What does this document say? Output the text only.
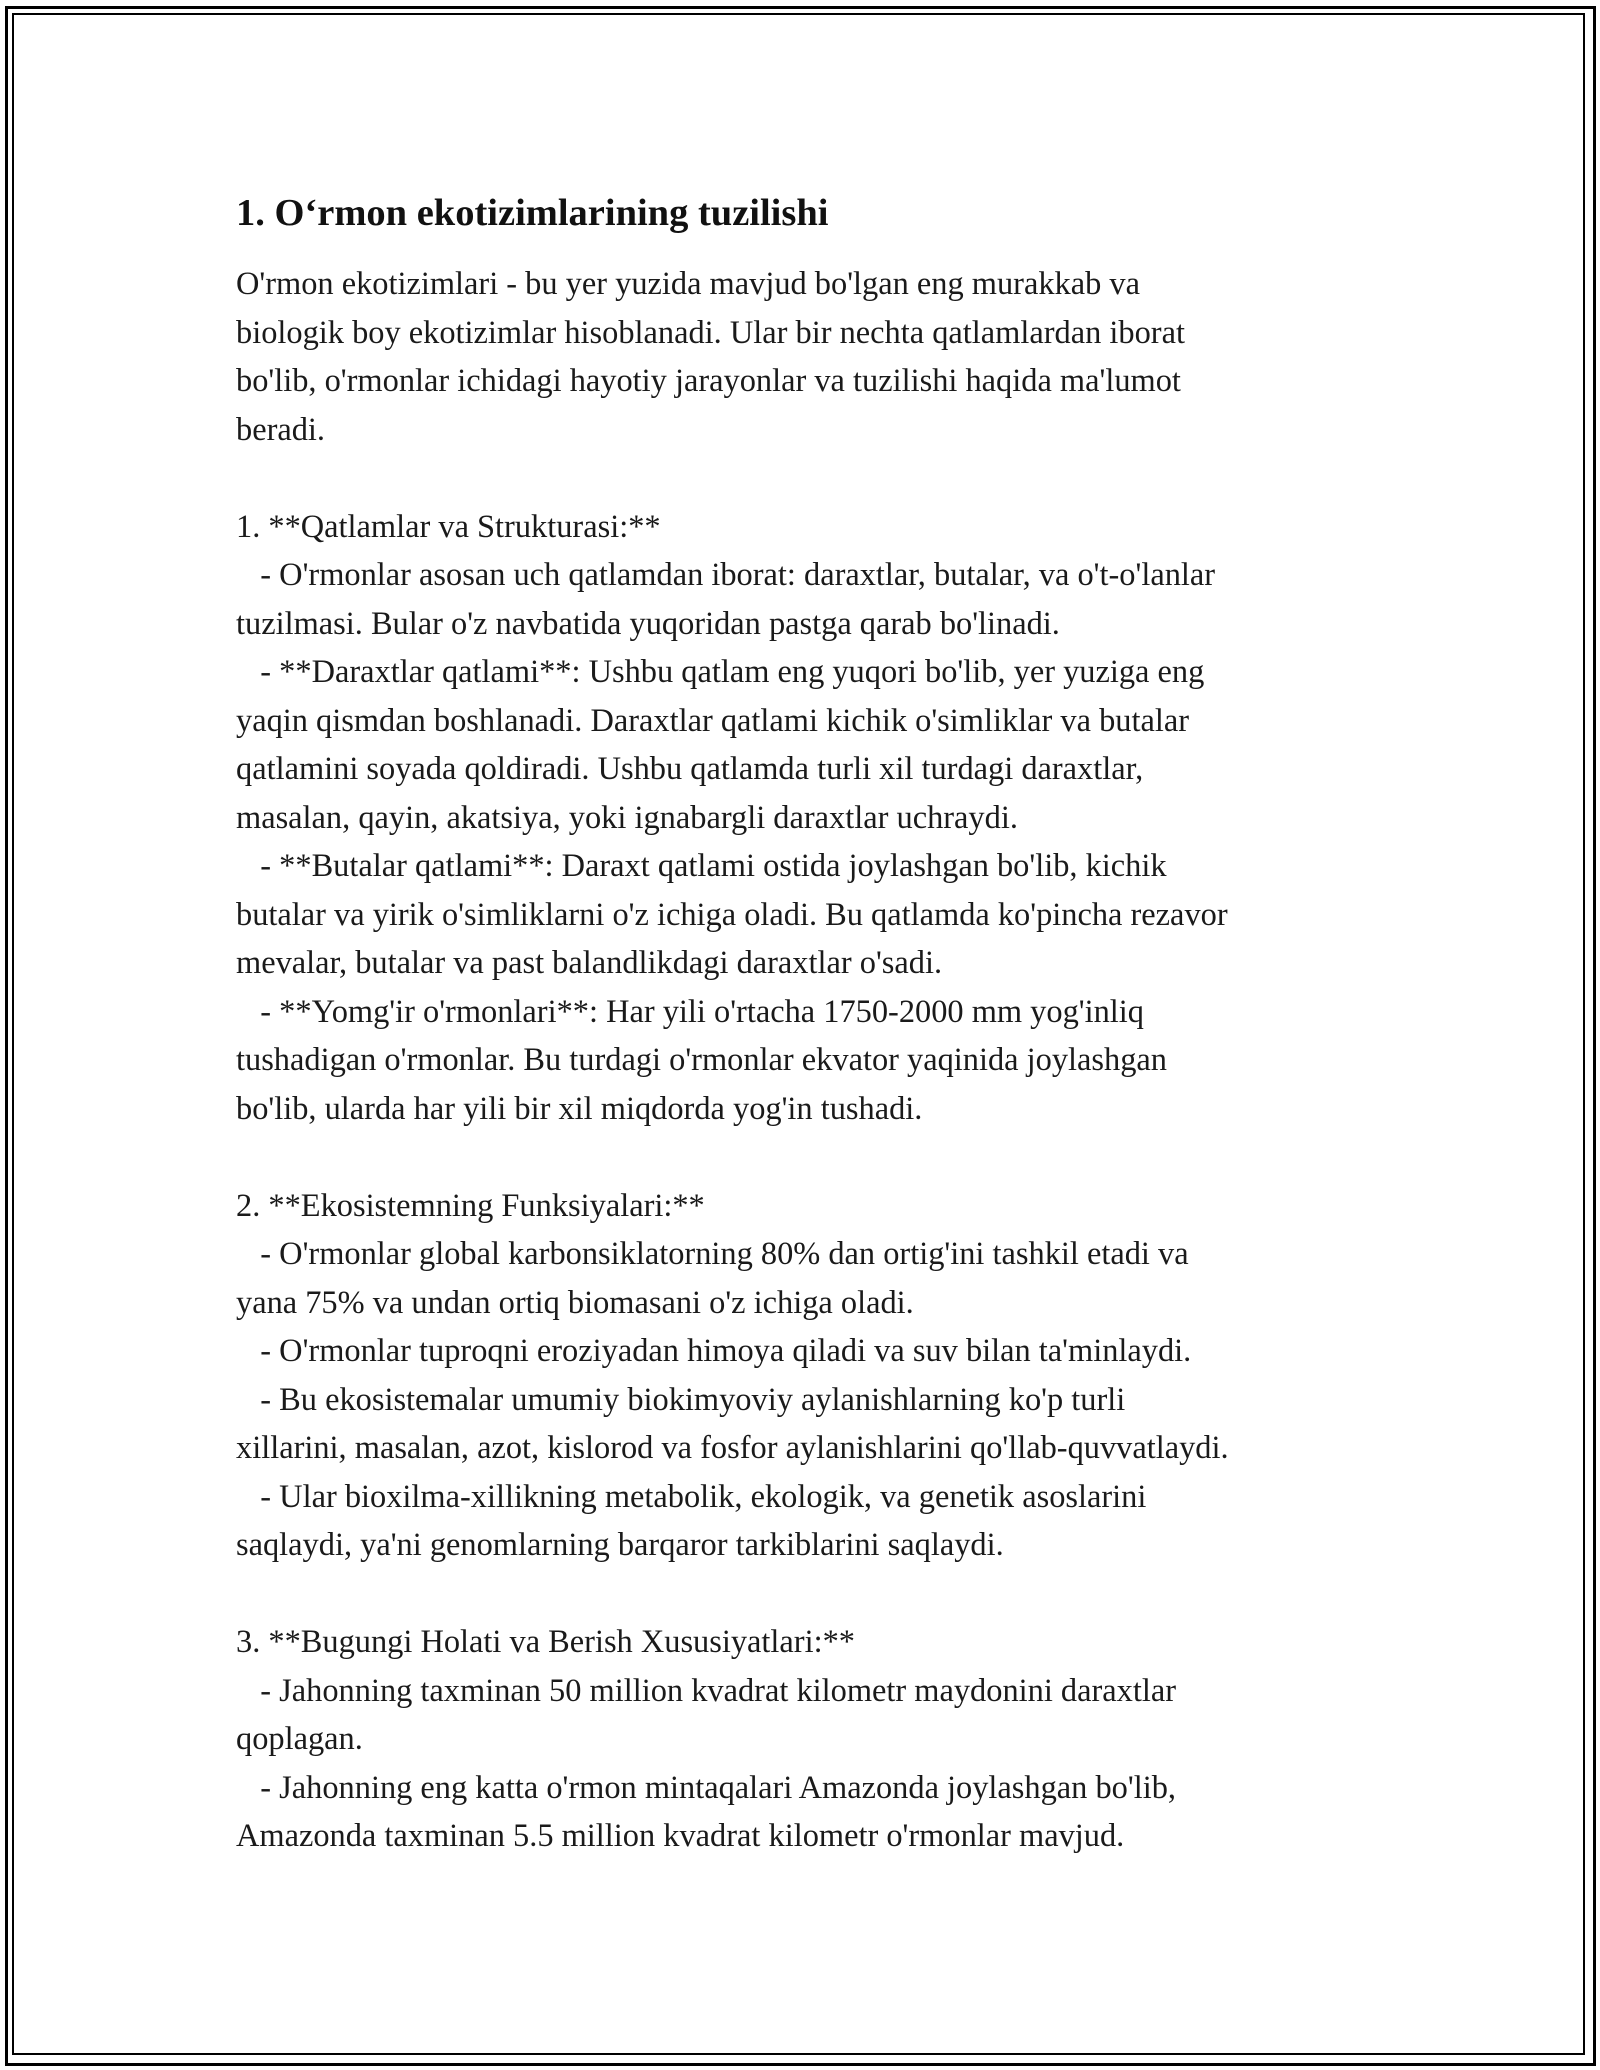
1. O‘rmon ekotizimlarining tuzilishi
O'rmon ekotizimlari - bu yer yuzida mavjud bo'lgan eng murakkab va
biologik boy ekotizimlar hisoblanadi. Ular bir nechta qatlamlardan iborat
bo'lib, o'rmonlar ichidagi hayotiy jarayonlar va tuzilishi haqida ma'lumot
beradi.
1. **Qatlamlar va Strukturasi:**
- O'rmonlar asosan uch qatlamdan iborat: daraxtlar, butalar, va o't-o'lanlar
tuzilmasi. Bular o'z navbatida yuqoridan pastga qarab bo'linadi.
- **Daraxtlar qatlami**: Ushbu qatlam eng yuqori bo'lib, yer yuziga eng
yaqin qismdan boshlanadi. Daraxtlar qatlami kichik o'simliklar va butalar
qatlamini soyada qoldiradi. Ushbu qatlamda turli xil turdagi daraxtlar,
masalan, qayin, akatsiya, yoki ignabargli daraxtlar uchraydi.
- **Butalar qatlami**: Daraxt qatlami ostida joylashgan bo'lib, kichik
butalar va yirik o'simliklarni o'z ichiga oladi. Bu qatlamda ko'pincha rezavor
mevalar, butalar va past balandlikdagi daraxtlar o'sadi.
- **Yomg'ir o'rmonlari**: Har yili o'rtacha 1750-2000 mm yog'inliq
tushadigan o'rmonlar. Bu turdagi o'rmonlar ekvator yaqinida joylashgan
bo'lib, ularda har yili bir xil miqdorda yog'in tushadi.
2. **Ekosistemning Funksiyalari:**
- O'rmonlar global karbonsiklatorning 80% dan ortig'ini tashkil etadi va
yana 75% va undan ortiq biomasani o'z ichiga oladi.
- O'rmonlar tuproqni eroziyadan himoya qiladi va suv bilan ta'minlaydi.
- Bu ekosistemalar umumiy biokimyoviy aylanishlarning ko'p turli
xillarini, masalan, azot, kislorod va fosfor aylanishlarini qo'llab-quvvatlaydi.
- Ular bioxilma-xillikning metabolik, ekologik, va genetik asoslarini
saqlaydi, ya'ni genomlarning barqaror tarkiblarini saqlaydi.
3. **Bugungi Holati va Berish Xususiyatlari:**
- Jahonning taxminan 50 million kvadrat kilometr maydonini daraxtlar
qoplagan.
- Jahonning eng katta o'rmon mintaqalari Amazonda joylashgan bo'lib,
Amazonda taxminan 5.5 million kvadrat kilometr o'rmonlar mavjud.
